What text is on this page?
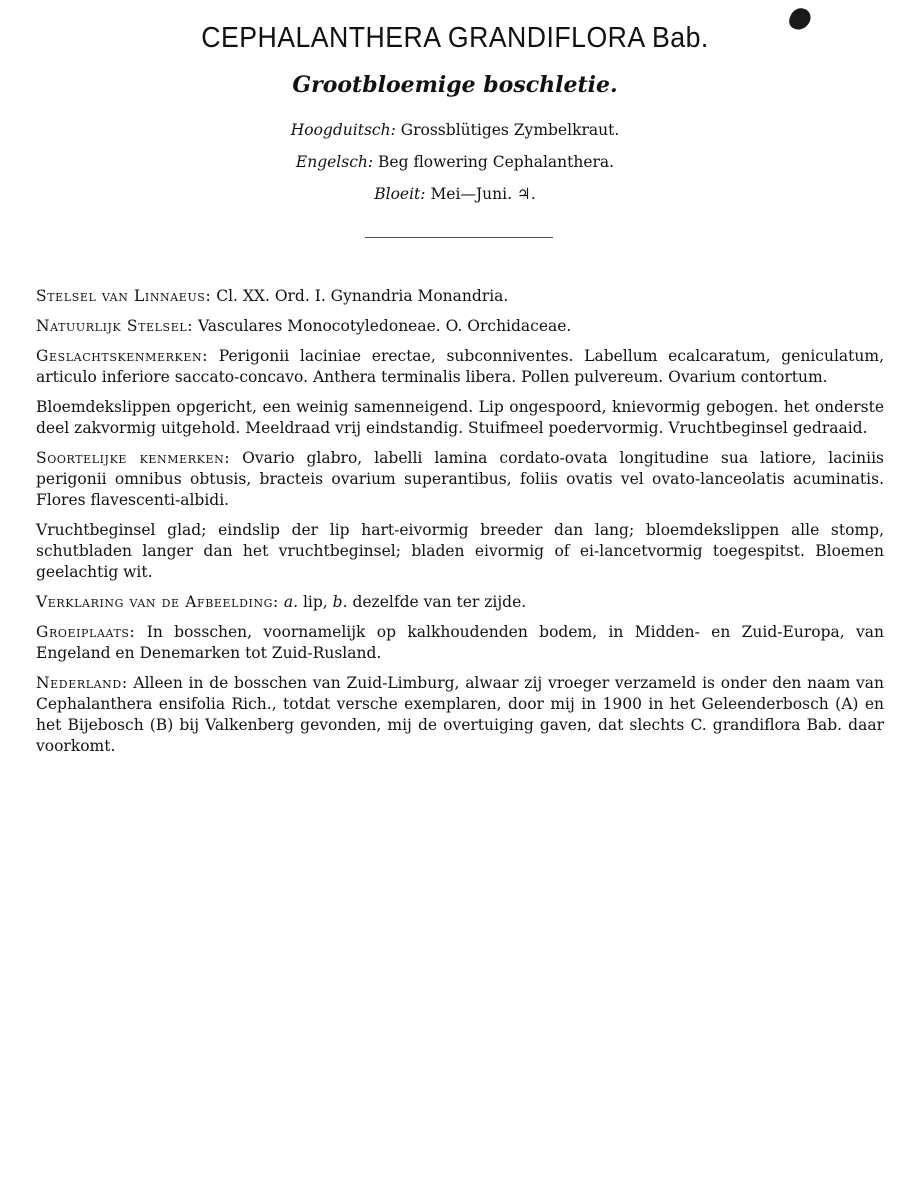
CEPHALANTHERA GRANDIFLORA Bab.
Grootbloemige boschletie.
Hoogduitsch: Grossblütiges Zymbelkraut.
Engelsch: Beg flowering Cephalanthera.
Bloeit: Mei—Juni. ♃.

Stelsel van Linnaeus: Cl. XX. Ord. I. Gynandria Monandria.

Natuurlijk Stelsel: Vasculares Monocotyledoneae. O. Orchidaceae.

Geslachtskenmerken: Perigonii laciniae erectae, subconniventes. Labellum ecalcaratum, geniculatum, articulo inferiore saccato-concavo. Anthera terminalis libera. Pollen pulvereum. Ovarium contortum.

Bloemdekslippen opgericht, een weinig samenneigend. Lip ongespoord, knievormig gebogen. het onderste deel zakvormig uitgehold. Meeldraad vrij eindstandig. Stuifmeel poedervormig. Vruchtbeginsel gedraaid.

Soortelijke kenmerken: Ovario glabro, labelli lamina cordato-ovata longitudine sua latiore, laciniis perigonii omnibus obtusis, bracteis ovarium superantibus, foliis ovatis vel ovato-lanceolatis acuminatis. Flores flavescenti-albidi.

Vruchtbeginsel glad; eindslip der lip hart-eivormig breeder dan lang; bloemdekslippen alle stomp, schutbladen langer dan het vruchtbeginsel; bladen eivormig of ei-lancetvormig toegespitst. Bloemen geelachtig wit.

Verklaring van de Afbeelding: a. lip, b. dezelfde van ter zijde.

Groeiplaats: In bosschen, voornamelijk op kalkhoudenden bodem, in Midden- en Zuid-Europa, van Engeland en Denemarken tot Zuid-Rusland.

Nederland: Alleen in de bosschen van Zuid-Limburg, alwaar zij vroeger verzameld is onder den naam van Cephalanthera ensifolia Rich., totdat versche exemplaren, door mij in 1900 in het Geleenderbosch (A) en het Bijebosch (B) bij Valkenberg gevonden, mij de overtuiging gaven, dat slechts C. grandiflora Bab. daar voorkomt.
